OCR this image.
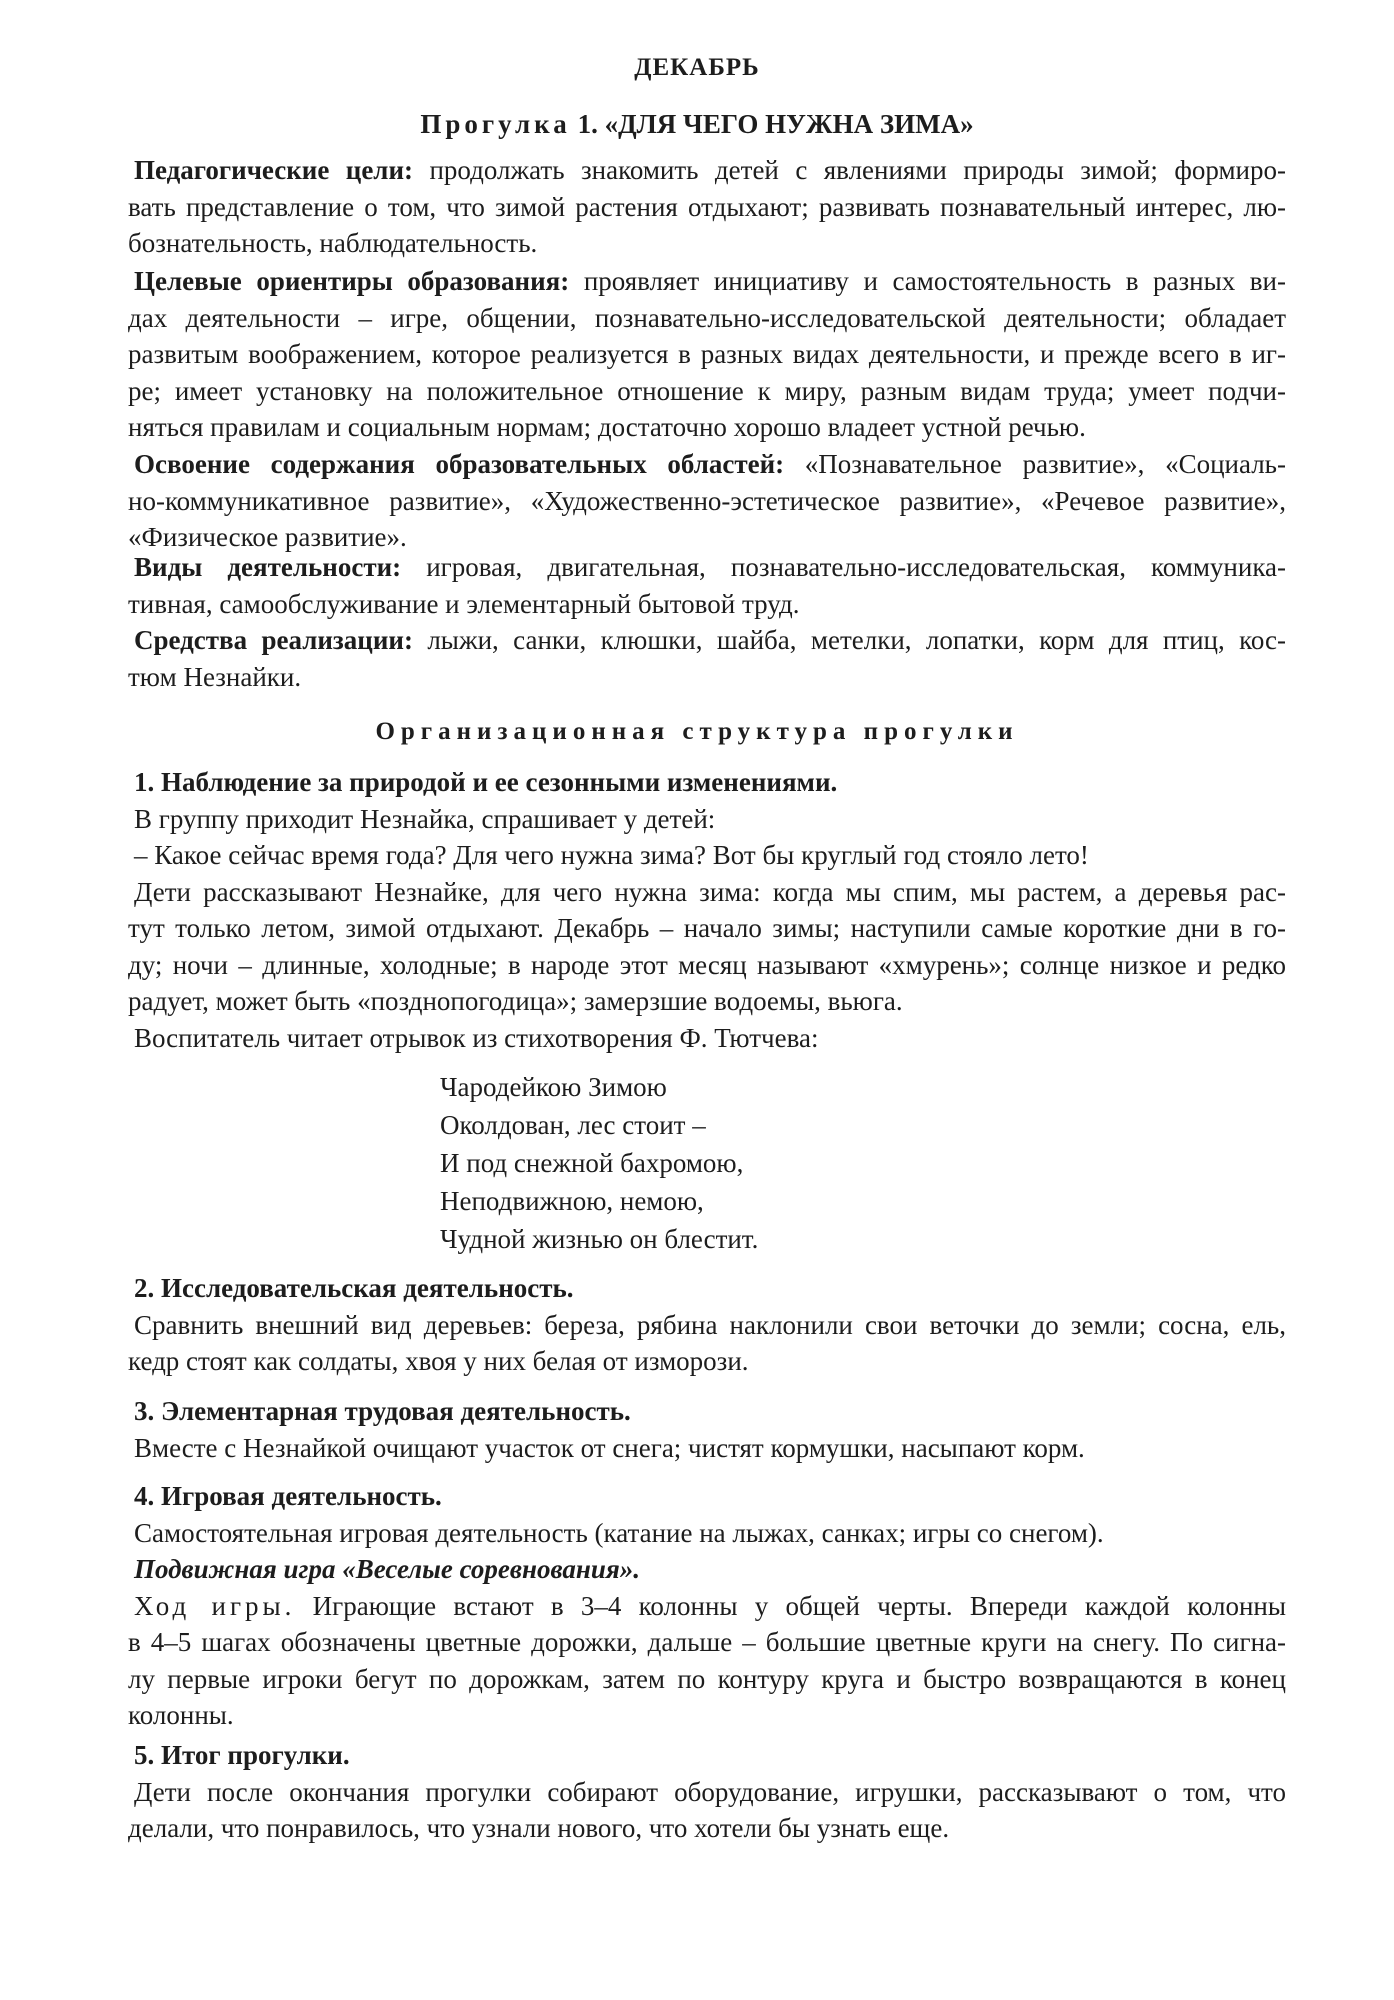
ДЕКАБРЬ
Прогулка 1. «ДЛЯ ЧЕГО НУЖНА ЗИМА»
Педагогические цели: продолжать знакомить детей с явлениями природы зимой; формиро-
вать представление о том, что зимой растения отдыхают; развивать познавательный интерес, лю-
бознательность, наблюдательность.
Целевые ориентиры образования: проявляет инициативу и самостоятельность в разных ви-
дах деятельности – игре, общении, познавательно-исследовательской деятельности; обладает
развитым воображением, которое реализуется в разных видах деятельности, и прежде всего в иг-
ре; имеет установку на положительное отношение к миру, разным видам труда; умеет подчи-
няться правилам и социальным нормам; достаточно хорошо владеет устной речью.
Освоение содержания образовательных областей: «Познавательное развитие», «Социаль-
но-коммуникативное развитие», «Художественно-эстетическое развитие», «Речевое развитие»,
«Физическое развитие».
Виды деятельности: игровая, двигательная, познавательно-исследовательская, коммуника-
тивная, самообслуживание и элементарный бытовой труд.
Средства реализации: лыжи, санки, клюшки, шайба, метелки, лопатки, корм для птиц, кос-
тюм Незнайки.
Организационная структура прогулки
1. Наблюдение за природой и ее сезонными изменениями.
В группу приходит Незнайка, спрашивает у детей:
– Какое сейчас время года? Для чего нужна зима? Вот бы круглый год стояло лето!
Дети рассказывают Незнайке, для чего нужна зима: когда мы спим, мы растем, а деревья рас-
тут только летом, зимой отдыхают. Декабрь – начало зимы; наступили самые короткие дни в го-
ду; ночи – длинные, холодные; в народе этот месяц называют «хмурень»; солнце низкое и редко
радует, может быть «позднопогодица»; замерзшие водоемы, вьюга.
Воспитатель читает отрывок из стихотворения Ф. Тютчева:
Чародейкою Зимою
Околдован, лес стоит –
И под снежной бахромою,
Неподвижною, немою,
Чудной жизнью он блестит.
2. Исследовательская деятельность.
Сравнить внешний вид деревьев: береза, рябина наклонили свои веточки до земли; сосна, ель,
кедр стоят как солдаты, хвоя у них белая от изморози.
3. Элементарная трудовая деятельность.
Вместе с Незнайкой очищают участок от снега; чистят кормушки, насыпают корм.
4. Игровая деятельность.
Самостоятельная игровая деятельность (катание на лыжах, санках; игры со снегом).
Подвижная игра «Веселые соревнования».
Ход игры. Играющие встают в 3–4 колонны у общей черты. Впереди каждой колонны
в 4–5 шагах обозначены цветные дорожки, дальше – большие цветные круги на снегу. По сигна-
лу первые игроки бегут по дорожкам, затем по контуру круга и быстро возвращаются в конец
колонны.
5. Итог прогулки.
Дети после окончания прогулки собирают оборудование, игрушки, рассказывают о том, что
делали, что понравилось, что узнали нового, что хотели бы узнать еще.
